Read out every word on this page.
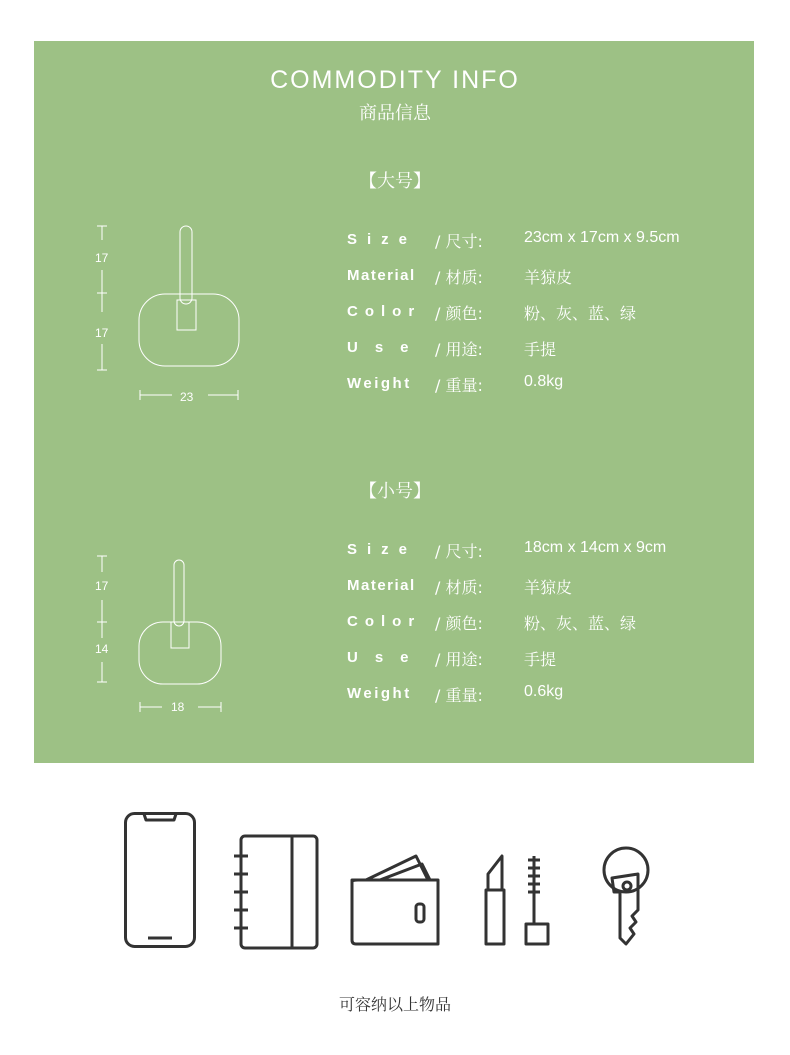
COMMODITY INFO
商品信息
【大号】
17
17
23
Size	/ 尺寸:	23cm x 17cm x 9.5cm
Material	/ 材质:	羊猄皮
Color / 颜色:	粉、灰、蓝、绿
Use / 用途:	手提
Weight	/ 重量:	0.8kg
【小号】
17
14
18
Size	/ 尺寸:	18cm x 14cm x 9cm
Material	/ 材质:	羊猄皮
Color / 颜色:	粉、灰、蓝、绿
Use / 用途:	手提
Weight	/ 重量:	0.6kg
可容纳以上物品
